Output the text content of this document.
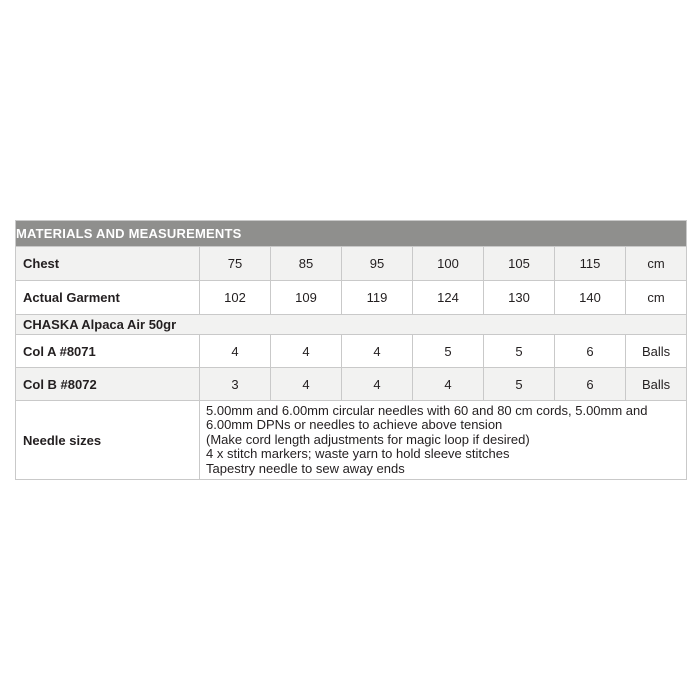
MATERIALS AND MEASUREMENTS							
Chest	75	85	95	100	105	115	cm
Actual Garment	102	109	119	124	130	140	cm
CHASKA Alpaca Air 50gr							
Col A #8071	4	4	4	5	5	6	Balls
Col B #8072	3	4	4	4	5	6	Balls
Needle sizes	5.00mm and 6.00mm circular needles with 60 and 80 cm cords, 5.00mm and
6.00mm DPNs or needles to achieve above tension
(Make cord length adjustments for magic loop if desired)
4 x stitch markers; waste yarn to hold sleeve stitches
Tapestry needle to sew away ends						
